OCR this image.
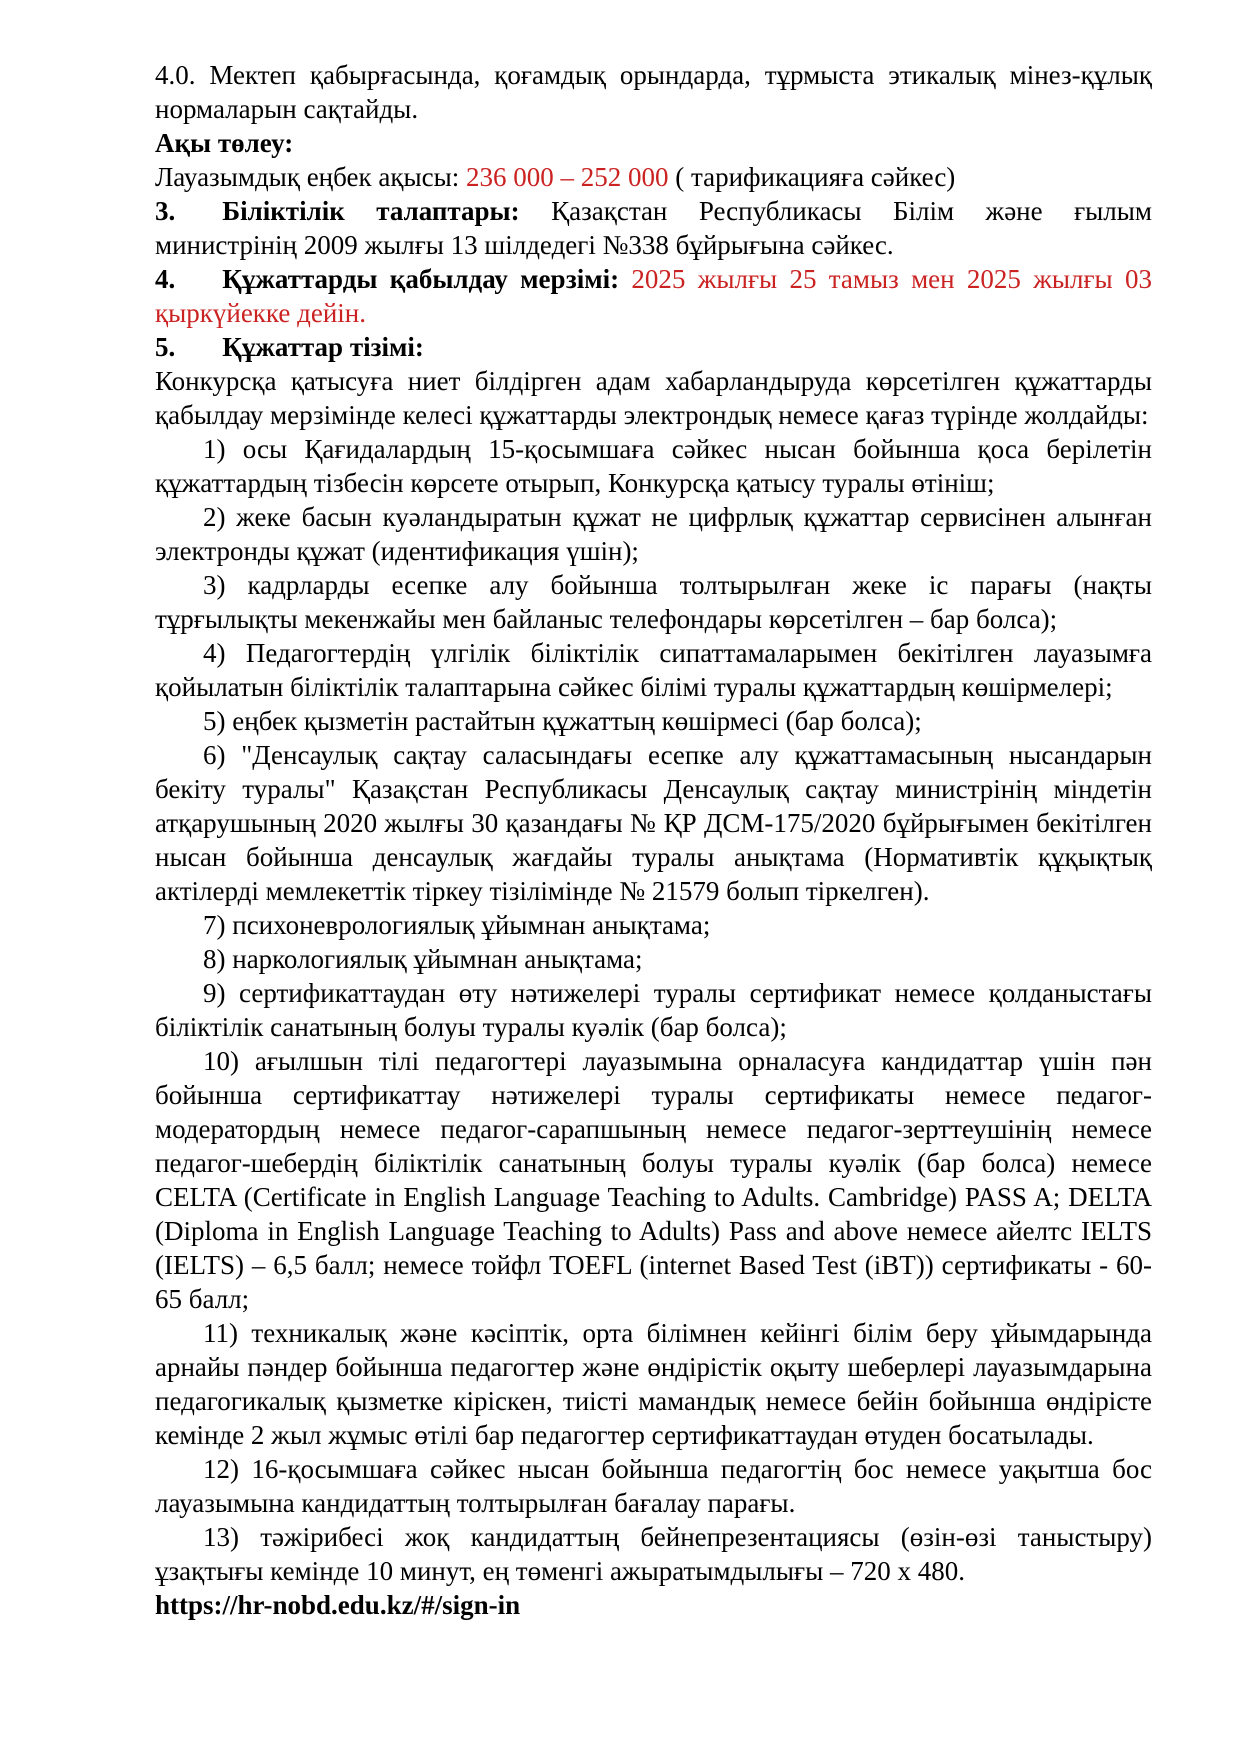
4.0. Мектеп қабырғасында, қоғамдық орындарда, тұрмыста этикалық мінез-құлық нормаларын сақтайды.

Ақы төлеу:

Лауазымдық еңбек ақысы: 236 000 – 252 000 ( тарификацияға сәйкес)

3. Біліктілік талаптары: Қазақстан Республикасы Білім және ғылым министрінің 2009 жылғы 13 шілдедегі №338 бұйрығына сәйкес.

4. Құжаттарды қабылдау мерзімі: 2025 жылғы 25 тамыз мен 2025 жылғы 03 қыркүйекке дейін.

5. Құжаттар тізімі:

Конкурсқа қатысуға ниет білдірген адам хабарландыруда көрсетілген құжаттарды қабылдау мерзімінде келесі құжаттарды электрондық немесе қағаз түрінде жолдайды:

1) осы Қағидалардың 15-қосымшаға сәйкес нысан бойынша қоса берілетін құжаттардың тізбесін көрсете отырып, Конкурсқа қатысу туралы өтініш;

2) жеке басын куәландыратын құжат не цифрлық құжаттар сервисінен алынған электронды құжат (идентификация үшін);

3) кадрларды есепке алу бойынша толтырылған жеке іс парағы (нақты тұрғылықты мекенжайы мен байланыс телефондары көрсетілген – бар болса);

4) Педагогтердің үлгілік біліктілік сипаттамаларымен бекітілген лауазымға қойылатын біліктілік талаптарына сәйкес білімі туралы құжаттардың көшірмелері;

5) еңбек қызметін растайтын құжаттың көшірмесі (бар болса);

6) "Денсаулық сақтау саласындағы есепке алу құжаттамасының нысандарын бекіту туралы" Қазақстан Республикасы Денсаулық сақтау министрінің міндетін атқарушының 2020 жылғы 30 қазандағы № ҚР ДСМ-175/2020 бұйрығымен бекітілген нысан бойынша денсаулық жағдайы туралы анықтама (Нормативтік құқықтық актілерді мемлекеттік тіркеу тізілімінде № 21579 болып тіркелген).

7) психоневрологиялық ұйымнан анықтама;

8) наркологиялық ұйымнан анықтама;

9) сертификаттаудан өту нәтижелері туралы сертификат немесе қолданыстағы біліктілік санатының болуы туралы куәлік (бар болса);

10) ағылшын тілі педагогтері лауазымына орналасуға кандидаттар үшін пән бойынша сертификаттау нәтижелері туралы сертификаты немесе педагог-модератордың немесе педагог-сарапшының немесе педагог-зерттеушінің немесе педагог-шебердің біліктілік санатының болуы туралы куәлік (бар болса) немесе CELTA (Certificate in English Language Teaching to Adults. Cambridge) PASS A; DELTA (Diploma in English Language Teaching to Adults) Pass and above немесе айелтс IELTS (IELTS) – 6,5 балл; немесе тойфл TOEFL (internet Based Test (iBT)) сертификаты - 60-65 балл;

11) техникалық және кәсіптік, орта білімнен кейінгі білім беру ұйымдарында арнайы пәндер бойынша педагогтер және өндірістік оқыту шеберлері лауазымдарына педагогикалық қызметке кіріскен, тиісті мамандық немесе бейін бойынша өндірісте кемінде 2 жыл жұмыс өтілі бар педагогтер сертификаттаудан өтуден босатылады.

12) 16-қосымшаға сәйкес нысан бойынша педагогтің бос немесе уақытша бос лауазымына кандидаттың толтырылған бағалау парағы.

13) тәжірибесі жоқ кандидаттың бейнепрезентациясы (өзін-өзі таныстыру) ұзақтығы кемінде 10 минут, ең төменгі ажыратымдылығы – 720 x 480.

https://hr-nobd.edu.kz/#/sign-in
